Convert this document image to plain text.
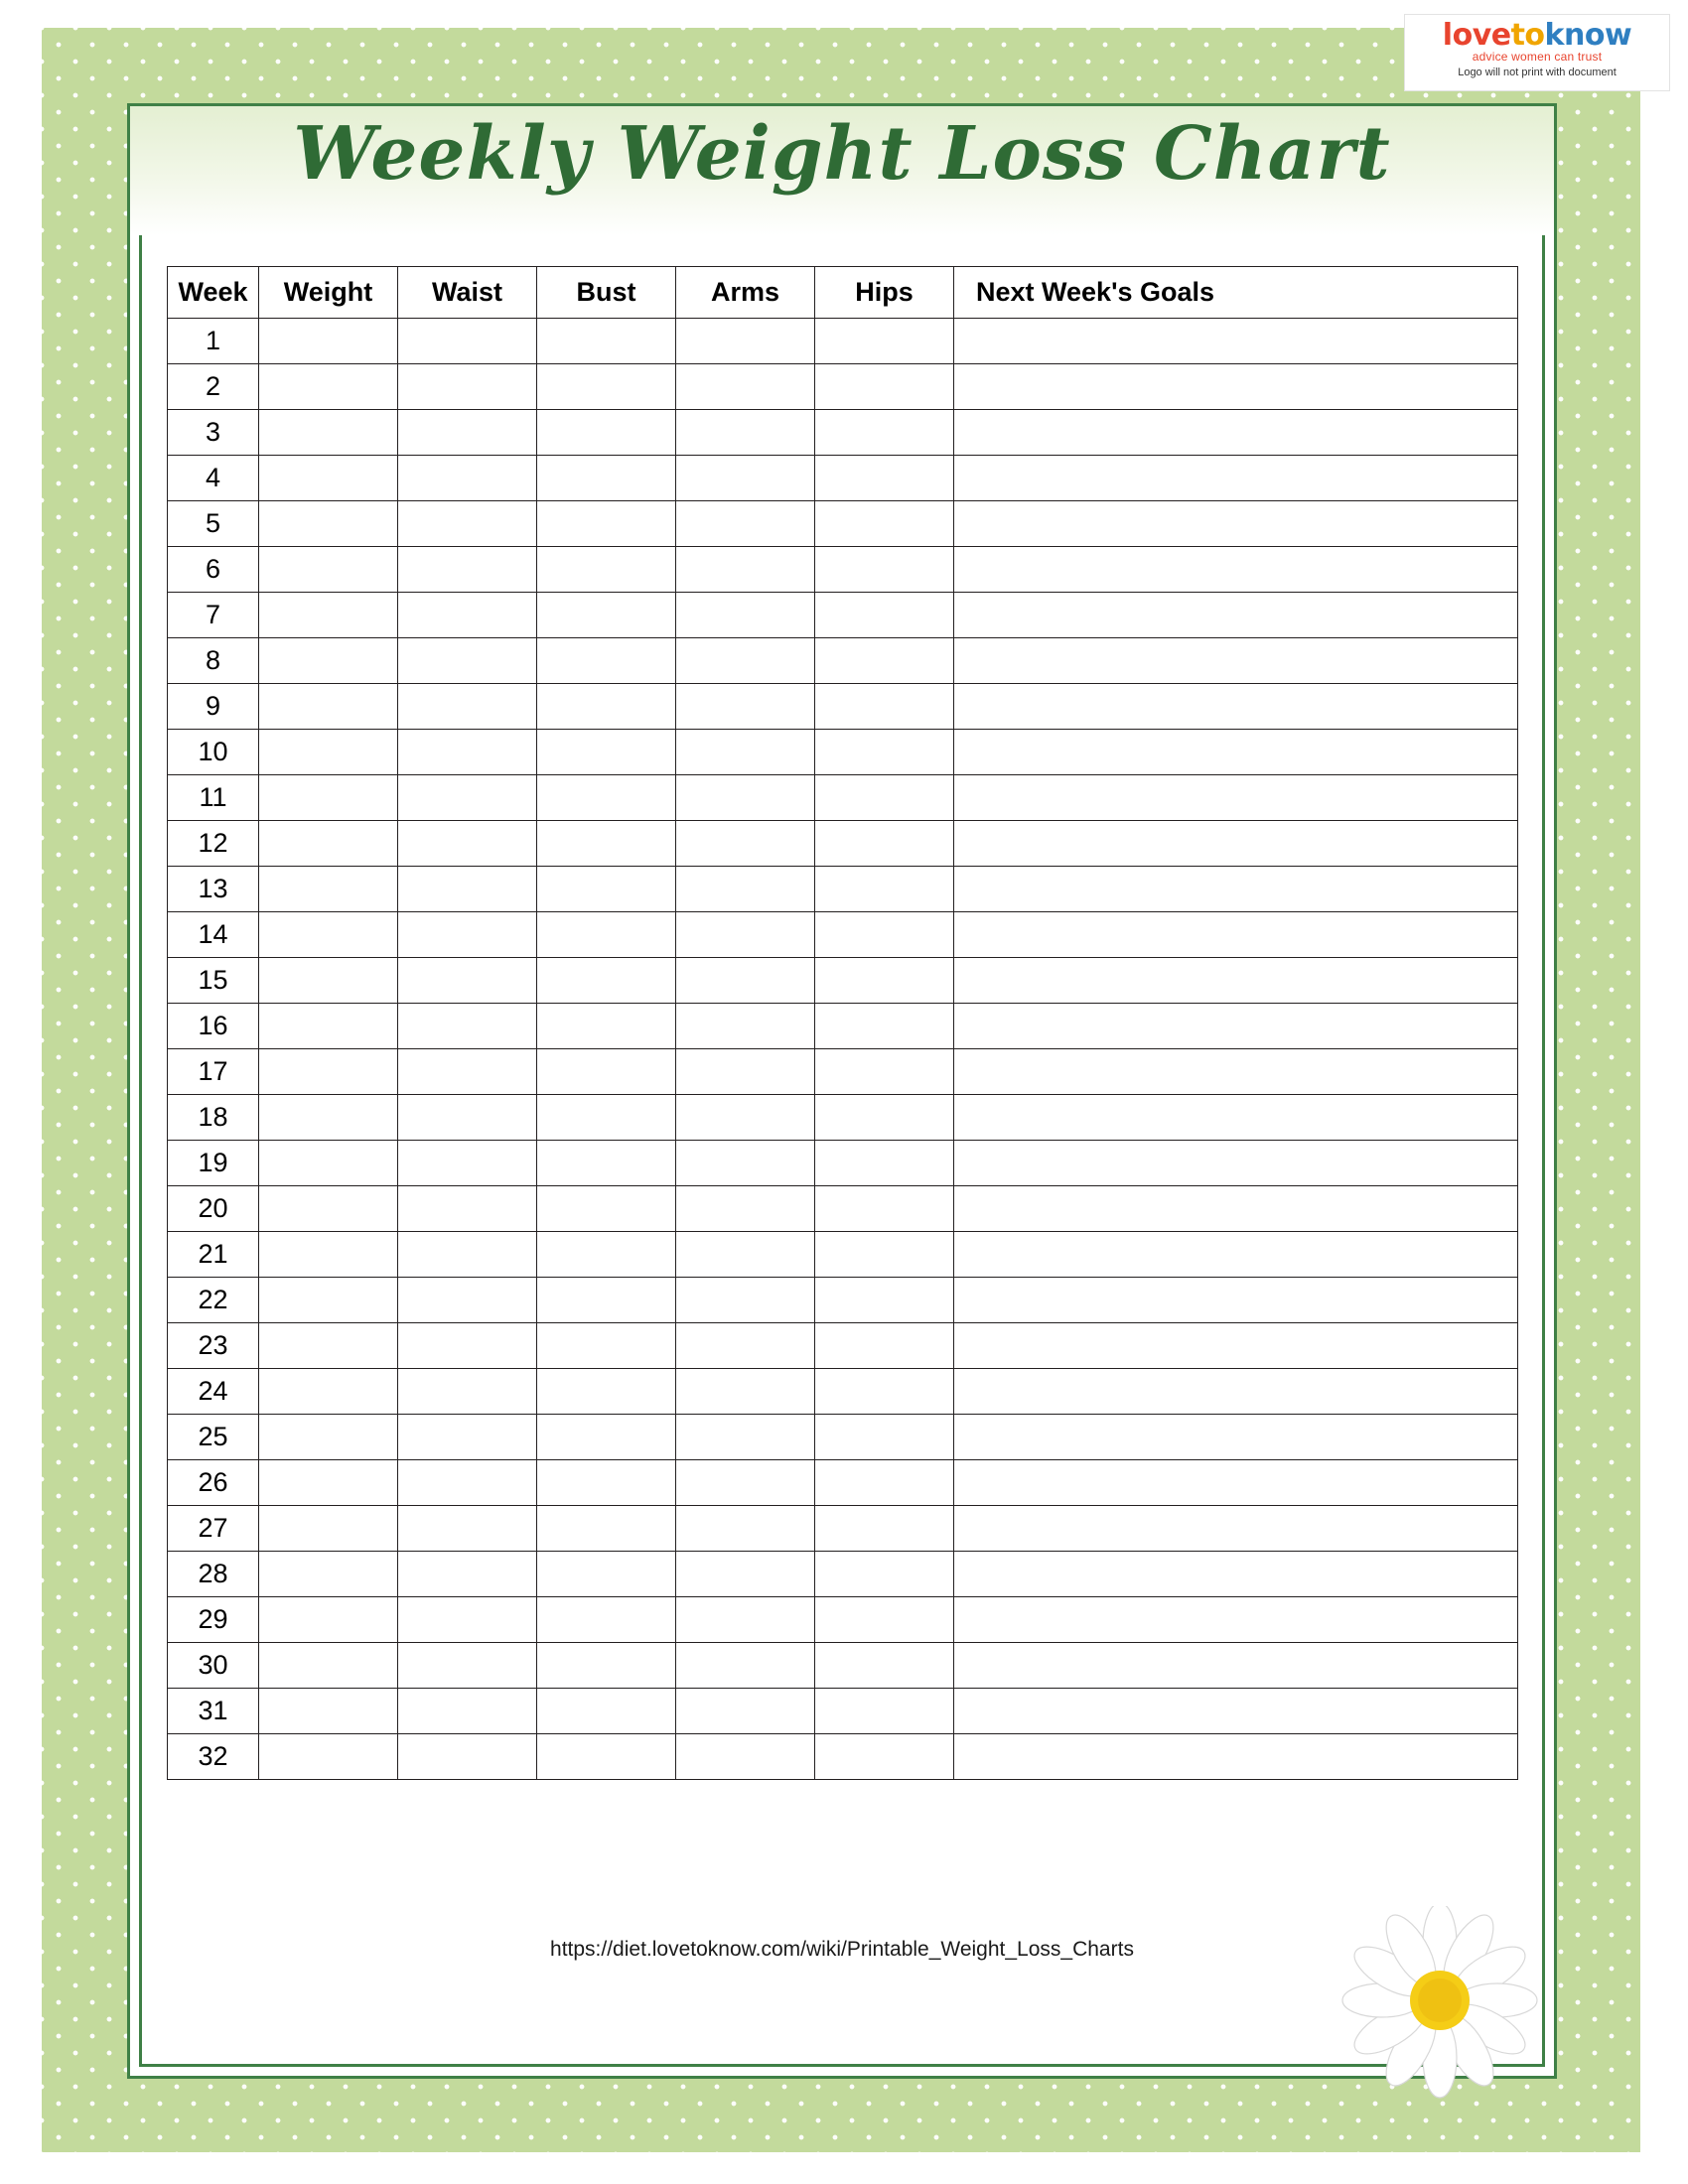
Weekly Weight Loss Chart
lovetoknow
advice women can trust
Logo will not print with document
Week	Weight	Waist	Bust	Arms	Hips	Next Week's Goals
1						
2						
3						
4						
5						
6						
7						
8						
9						
10						
11						
12						
13						
14						
15						
16						
17						
18						
19						
20						
21						
22						
23						
24						
25						
26						
27						
28						
29						
30						
31						
32						
https://diet.lovetoknow.com/wiki/Printable_Weight_Loss_Charts
